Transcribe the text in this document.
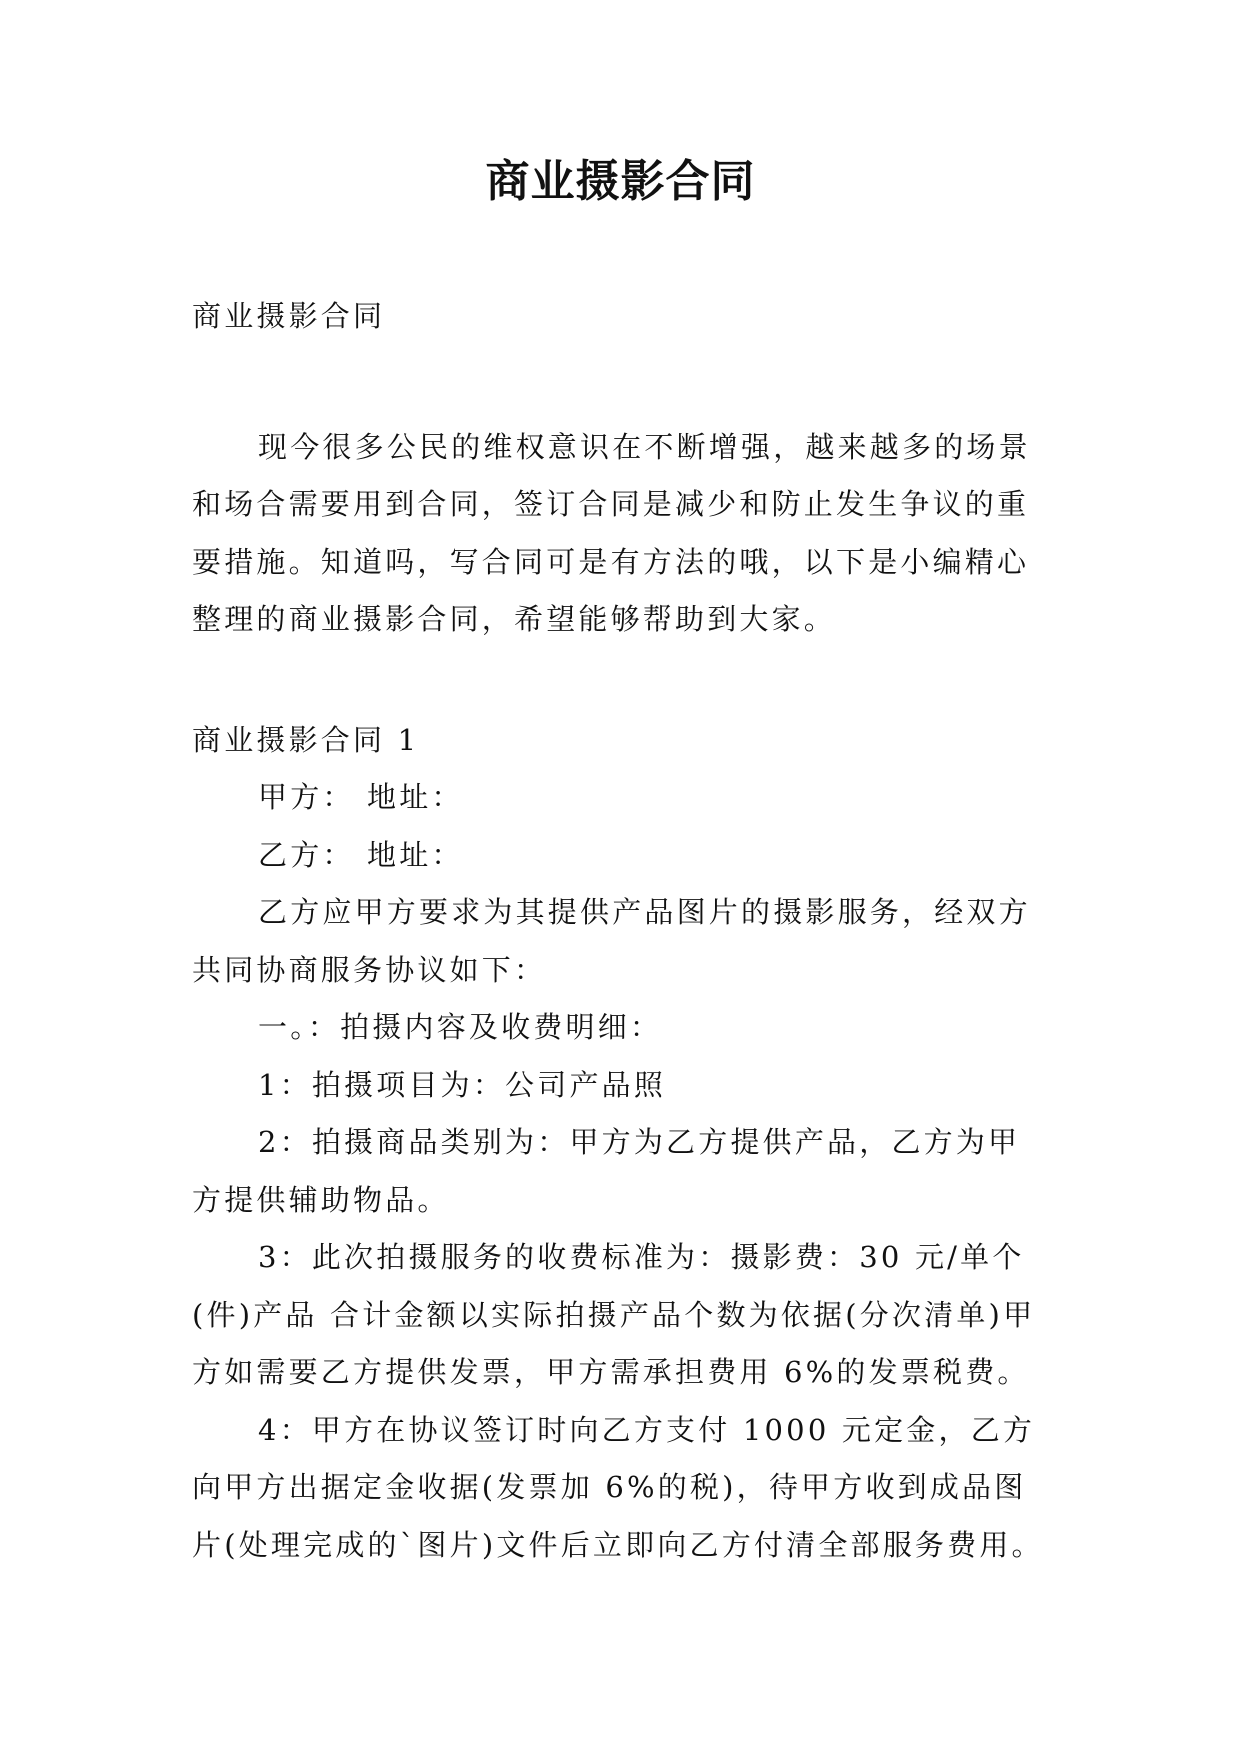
商业摄影合同

商业摄影合同

现今很多公民的维权意识在不断增强，越来越多的场景和场合需要用到合同，签订合同是减少和防止发生争议的重要措施。知道吗，写合同可是有方法的哦，以下是小编精心整理的商业摄影合同，希望能够帮助到大家。

商业摄影合同 1

甲方： 地址：

乙方： 地址：

乙方应甲方要求为其提供产品图片的摄影服务，经双方共同协商服务协议如下：

一。：拍摄内容及收费明细：

1：拍摄项目为：公司产品照

2：拍摄商品类别为：甲方为乙方提供产品，乙方为甲方提供辅助物品。

3：此次拍摄服务的收费标准为：摄影费：30 元/单个(件)产品 合计金额以实际拍摄产品个数为依据(分次清单)甲方如需要乙方提供发票，甲方需承担费用 6%的发票税费。

4：甲方在协议签订时向乙方支付 1000 元定金，乙方向甲方出据定金收据(发票加 6%的税)，待甲方收到成品图片(处理完成的`图片)文件后立即向乙方付清全部服务费用。
